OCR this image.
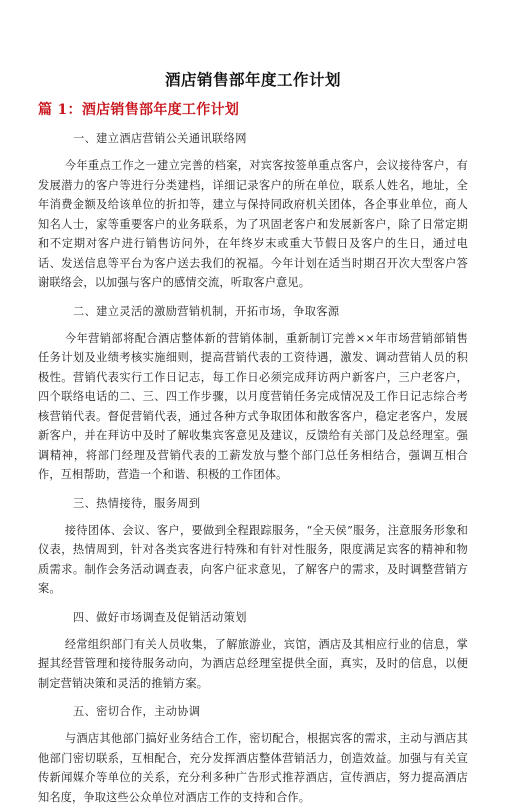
酒店销售部年度工作计划
篇 1：酒店销售部年度工作计划

一、建立酒店营销公关通讯联络网

今年重点工作之一建立完善的档案，对宾客按签单重点客户，会议接待客户，有发展潜力的客户等进行分类建档，详细记录客户的所在单位，联系人姓名，地址，全年消费金额及给该单位的折扣等，建立与保持同政府机关团体，各企事业单位，商人知名人士，家等重要客户的业务联系，为了巩固老客户和发展新客户，除了日常定期和不定期对客户进行销售访问外，在年终岁末或重大节假日及客户的生日，通过电话、发送信息等平台为客户送去我们的祝福。今年计划在适当时期召开次大型客户答谢联络会，以加强与客户的感情交流，听取客户意见。

二、建立灵活的激励营销机制，开拓市场，争取客源

今年营销部将配合酒店整体新的营销体制，重新制订完善××年市场营销部销售任务计划及业绩考核实施细则，提高营销代表的工资待遇，激发、调动营销人员的积极性。营销代表实行工作日记志，每工作日必须完成拜访两户新客户，三户老客户，四个联络电话的二、三、四工作步骤，以月度营销任务完成情况及工作日记志综合考核营销代表。督促营销代表，通过各种方式争取团体和散客客户，稳定老客户，发展新客户，并在拜访中及时了解收集宾客意见及建议，反馈给有关部门及总经理室。强调精神，将部门经理及营销代表的工薪发放与整个部门总任务相结合，强调互相合作，互相帮助，营造一个和谐、积极的工作团体。

三、热情接待，服务周到

接待团体、会议、客户，要做到全程跟踪服务，“全天侯”服务，注意服务形象和仪表，热情周到，针对各类宾客进行特殊和有针对性服务，限度满足宾客的精神和物质需求。制作会务活动调查表，向客户征求意见，了解客户的需求，及时调整营销方案。

四、做好市场调查及促销活动策划

经常组织部门有关人员收集，了解旅游业，宾馆，酒店及其相应行业的信息，掌握其经营管理和接待服务动向，为酒店总经理室提供全面，真实，及时的信息，以便制定营销决策和灵活的推销方案。

五、密切合作，主动协调

与酒店其他部门搞好业务结合工作，密切配合，根据宾客的需求，主动与酒店其他部门密切联系，互相配合，充分发挥酒店整体营销活力，创造效益。加强与有关宣传新闻媒介等单位的关系，充分利多种广告形式推荐酒店，宣传酒店，努力提高酒店知名度，争取这些公众单位对酒店工作的支持和合作。
